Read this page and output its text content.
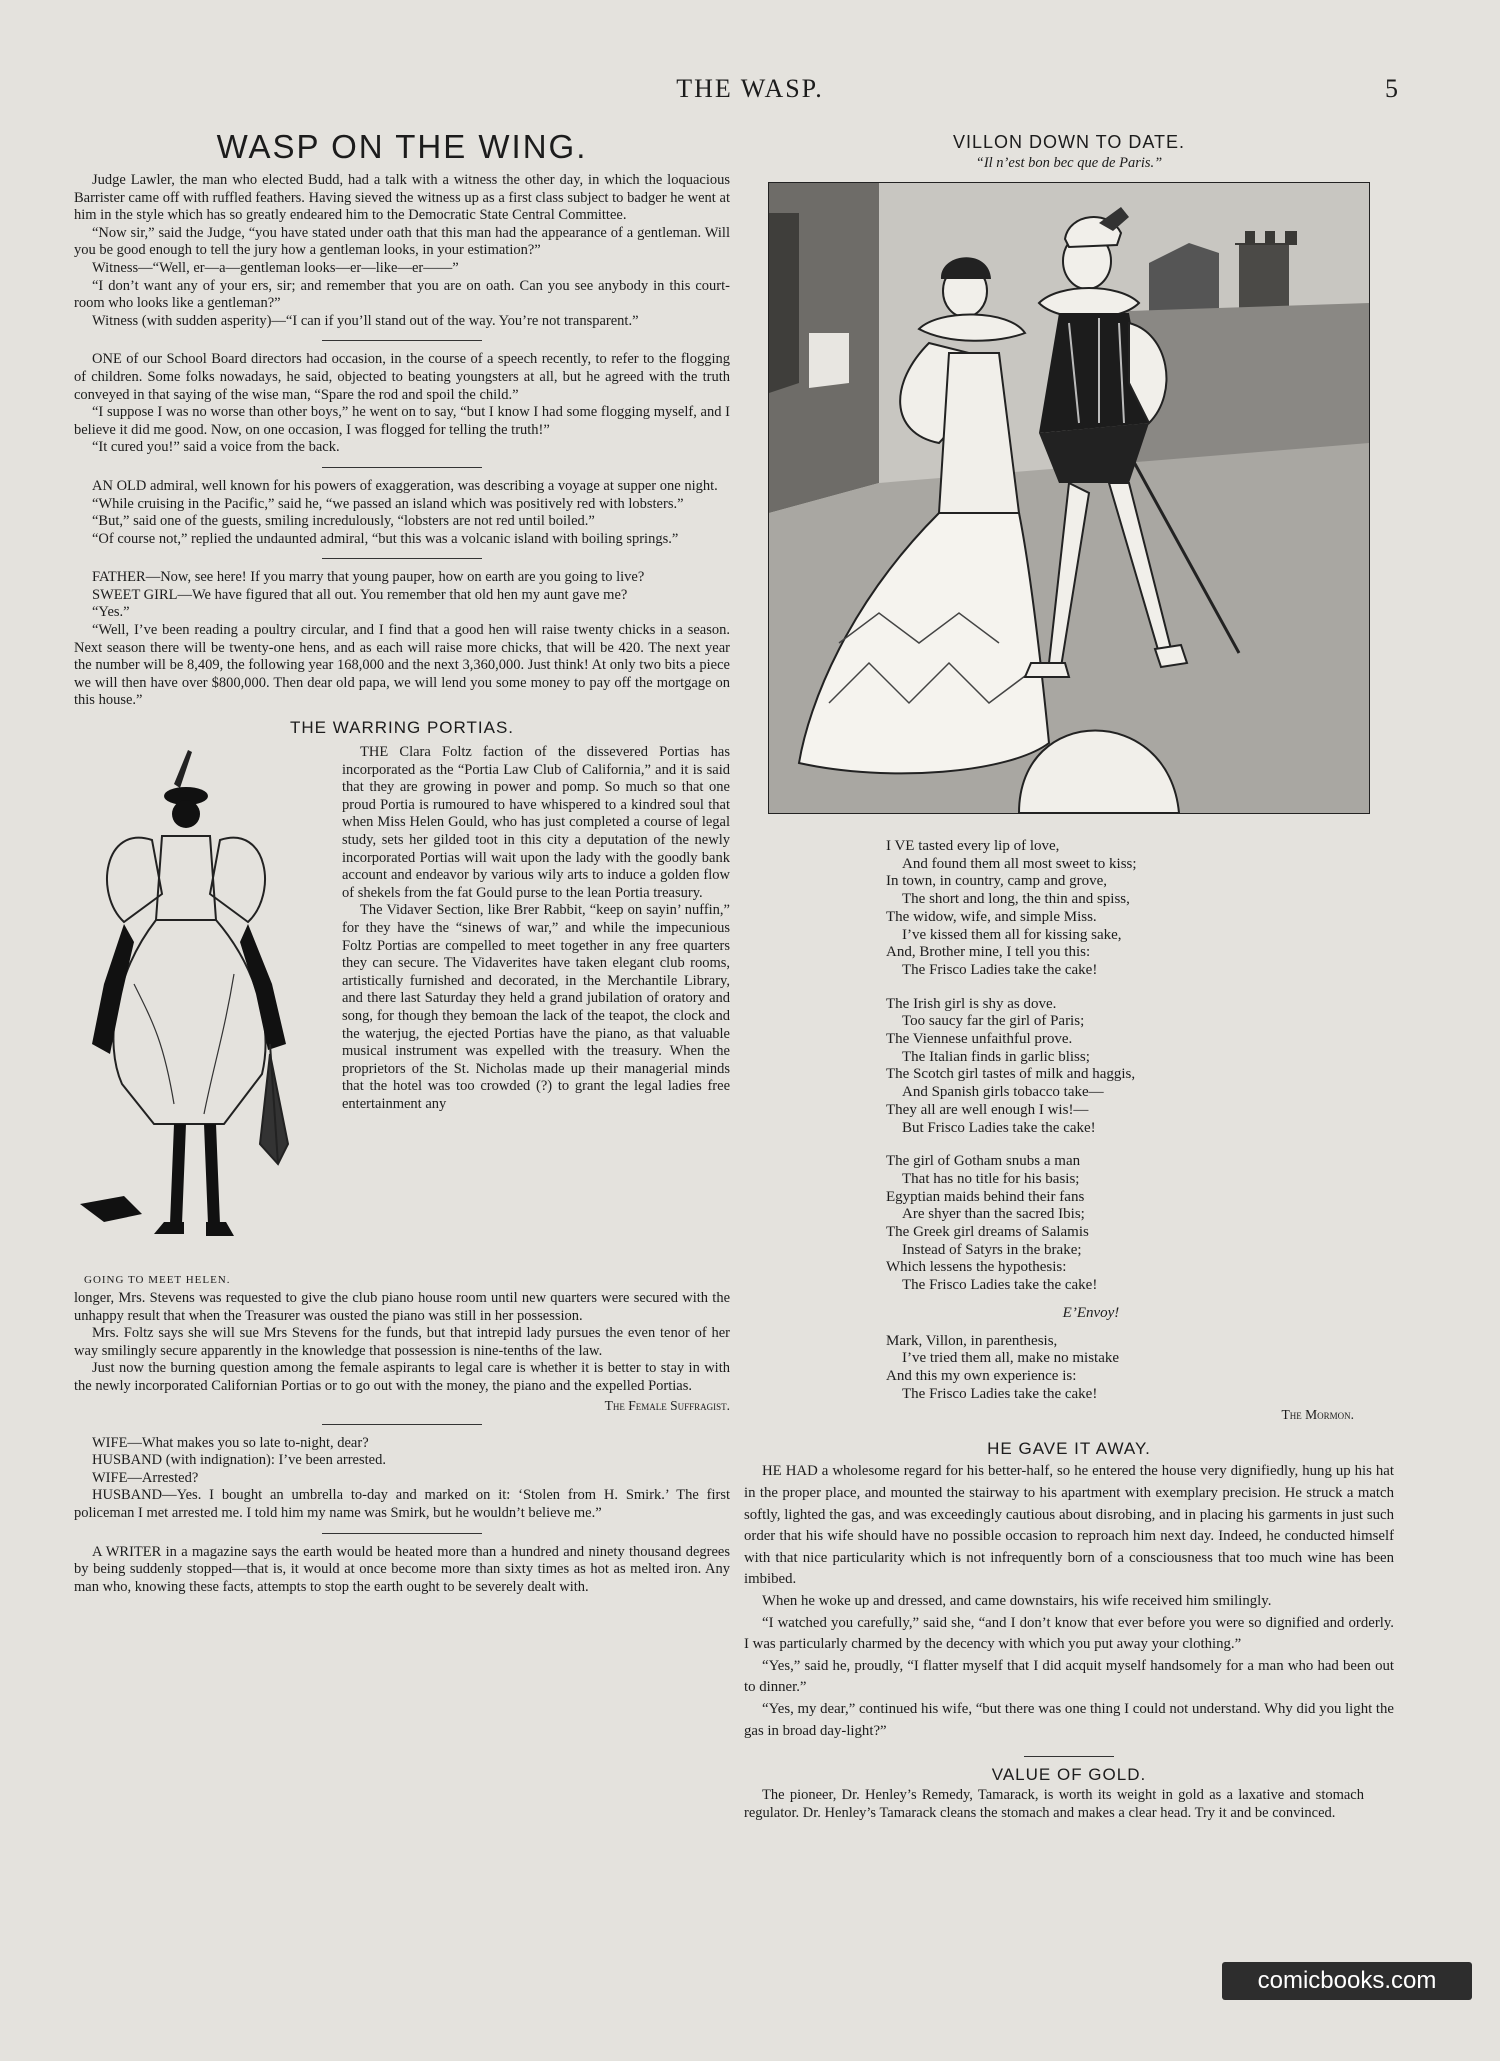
THE WASP.	5
WASP ON THE WING.

Judge Lawler, the man who elected Budd, had a talk with a witness the other day, in which the loquacious Barrister came off with ruffled feathers. Having sieved the witness up as a first class subject to badger he went at him in the style which has so greatly endeared him to the Democratic State Central Committee.

“Now sir,” said the Judge, “you have stated under oath that this man had the appearance of a gentleman. Will you be good enough to tell the jury how a gentleman looks, in your estimation?”

Witness—“Well, er—a—gentleman looks—er—like—er——”

“I don’t want any of your ers, sir; and remember that you are on oath. Can you see anybody in this court-room who looks like a gentleman?”

Witness (with sudden asperity)—“I can if you’ll stand out of the way. You’re not transparent.”

ONE of our School Board directors had occasion, in the course of a speech recently, to refer to the flogging of children. Some folks nowadays, he said, objected to beating youngsters at all, but he agreed with the truth conveyed in that saying of the wise man, “Spare the rod and spoil the child.”

“I suppose I was no worse than other boys,” he went on to say, “but I know I had some flogging myself, and I believe it did me good. Now, on one occasion, I was flogged for telling the truth!”

“It cured you!” said a voice from the back.

AN OLD admiral, well known for his powers of exaggeration, was describing a voyage at supper one night.

“While cruising in the Pacific,” said he, “we passed an island which was positively red with lobsters.”

“But,” said one of the guests, smiling incredulously, “lobsters are not red until boiled.”

“Of course not,” replied the undaunted admiral, “but this was a volcanic island with boiling springs.”

FATHER—Now, see here! If you marry that young pauper, how on earth are you going to live?

SWEET GIRL—We have figured that all out. You remember that old hen my aunt gave me?

“Yes.”

“Well, I’ve been reading a poultry circular, and I find that a good hen will raise twenty chicks in a season. Next season there will be twenty-one hens, and as each will raise more chicks, that will be 420. The next year the number will be 8,409, the following year 168,000 and the next 3,360,000. Just think! At only two bits a piece we will then have over $800,000. Then dear old papa, we will lend you some money to pay off the mortgage on this house.”

THE WARRING PORTIAS.

THE Clara Foltz faction of the dissevered Portias has incorporated as the “Portia Law Club of California,” and it is said that they are growing in power and pomp. So much so that one proud Portia is rumoured to have whispered to a kindred soul that when Miss Helen Gould, who has just completed a course of legal study, sets her gilded toot in this city a deputation of the newly incorporated Portias will wait upon the lady with the goodly bank account and endeavor by various wily arts to induce a golden flow of shekels from the fat Gould purse to the lean Portia treasury.

The Vidaver Section, like Brer Rabbit, “keep on sayin’ nuffin,” for they have the “sinews of war,” and while the impecunious Foltz Portias are compelled to meet together in any free quarters they can secure. The Vidaverites have taken elegant club rooms, artistically furnished and decorated, in the Merchantile Library, and there last Saturday they held a grand jubilation of oratory and song, for though they bemoan the lack of the teapot, the clock and the waterjug, the ejected Portias have the piano, as that valuable musical instrument was expelled with the treasury. When the proprietors of the St. Nicholas made up their managerial minds that the hotel was too crowded (?) to grant the legal ladies free entertainment any

GOING TO MEET HELEN.

longer, Mrs. Stevens was requested to give the club piano house room until new quarters were secured with the unhappy result that when the Treasurer was ousted the piano was still in her possession.

Mrs. Foltz says she will sue Mrs Stevens for the funds, but that intrepid lady pursues the even tenor of her way smilingly secure apparently in the knowledge that possession is nine-tenths of the law.

Just now the burning question among the female aspirants to legal care is whether it is better to stay in with the newly incorporated Californian Portias or to go out with the money, the piano and the expelled Portias.

The Female Suffragist.

WIFE—What makes you so late to-night, dear?

HUSBAND (with indignation): I’ve been arrested.

WIFE—Arrested?

HUSBAND—Yes. I bought an umbrella to-day and marked on it: ‘Stolen from H. Smirk.’ The first policeman I met arrested me. I told him my name was Smirk, but he wouldn’t believe me.”

A WRITER in a magazine says the earth would be heated more than a hundred and ninety thousand degrees by being suddenly stopped—that is, it would at once become more than sixty times as hot as melted iron. Any man who, knowing these facts, attempts to stop the earth ought to be severely dealt with.

VILLON DOWN TO DATE.
“Il n’est bon bec que de Paris.”
I VE tasted every lip of love,
And found them all most sweet to kiss;
In town, in country, camp and grove,
The short and long, the thin and spiss,
The widow, wife, and simple Miss.
I’ve kissed them all for kissing sake,
And, Brother mine, I tell you this:
The Frisco Ladies take the cake!
The Irish girl is shy as dove.
Too saucy far the girl of Paris;
The Viennese unfaithful prove.
The Italian finds in garlic bliss;
The Scotch girl tastes of milk and haggis,
And Spanish girls tobacco take—
They all are well enough I wis!—
But Frisco Ladies take the cake!
The girl of Gotham snubs a man
That has no title for his basis;
Egyptian maids behind their fans
Are shyer than the sacred Ibis;
The Greek girl dreams of Salamis
Instead of Satyrs in the brake;
Which lessens the hypothesis:
The Frisco Ladies take the cake!
E’Envoy!
Mark, Villon, in parenthesis,
I’ve tried them all, make no mistake
And this my own experience is:
The Frisco Ladies take the cake!
The Mormon.
HE GAVE IT AWAY.

HE HAD a wholesome regard for his better-half, so he entered the house very dignifiedly, hung up his hat in the proper place, and mounted the stairway to his apartment with exemplary precision. He struck a match softly, lighted the gas, and was exceedingly cautious about disrobing, and in placing his garments in just such order that his wife should have no possible occasion to reproach him next day. Indeed, he conducted himself with that nice particularity which is not infrequently born of a consciousness that too much wine has been imbibed.

When he woke up and dressed, and came downstairs, his wife received him smilingly.

“I watched you carefully,” said she, “and I don’t know that ever before you were so dignified and orderly. I was particularly charmed by the decency with which you put away your clothing.”

“Yes,” said he, proudly, “I flatter myself that I did acquit myself handsomely for a man who had been out to dinner.”

“Yes, my dear,” continued his wife, “but there was one thing I could not understand. Why did you light the gas in broad day-light?”

VALUE OF GOLD.

The pioneer, Dr. Henley’s Remedy, Tamarack, is worth its weight in gold as a laxative and stomach regulator. Dr. Henley’s Tamarack cleans the stomach and makes a clear head. Try it and be convinced.

comicbooks.com
